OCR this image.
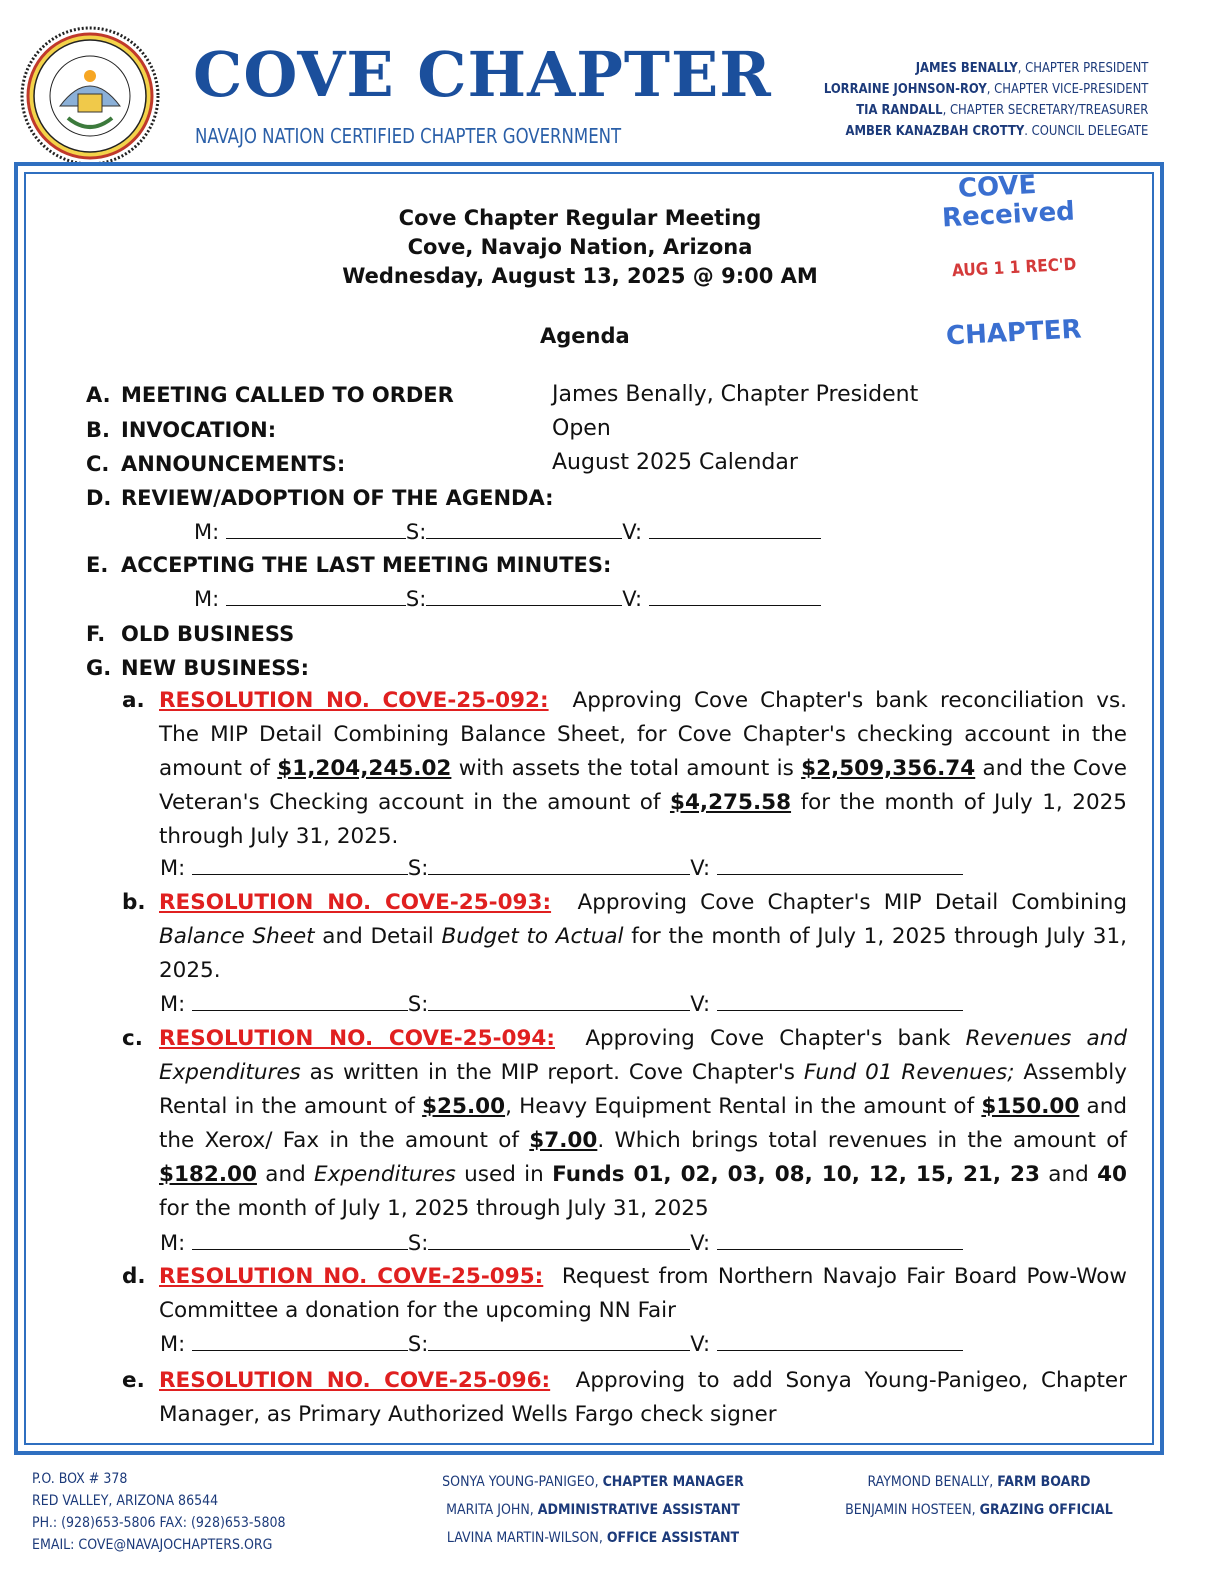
COVE CHAPTER
NAVAJO NATION CERTIFIED CHAPTER GOVERNMENT
JAMES BENALLY, CHAPTER PRESIDENT
LORRAINE JOHNSON-ROY, CHAPTER VICE-PRESIDENT
TIA RANDALL, CHAPTER SECRETARY/TREASURER
AMBER KANAZBAH CROTTY. COUNCIL DELEGATE
COVE
Received
AUG 1 1 REC'D
CHAPTER
Cove Chapter Regular Meeting
Cove, Navajo Nation, Arizona
Wednesday, August 13, 2025 @ 9:00 AM
Agenda
A. MEETING CALLED TO ORDER	James Benally, Chapter President
B. INVOCATION:	Open
C. ANNOUNCEMENTS:	August 2025 Calendar
D. REVIEW/ADOPTION OF THE AGENDA:
M:	S:	V:
E. ACCEPTING THE LAST MEETING MINUTES:
M:	S:	V:
F. OLD BUSINESS
G. NEW BUSINESS:
a. RESOLUTION NO. COVE-25-092: Approving Cove Chapter's bank reconciliation vs. The MIP Detail Combining Balance Sheet, for Cove Chapter's checking account in the amount of $1,204,245.02 with assets the total amount is $2,509,356.74 and the Cove Veteran's Checking account in the amount of $4,275.58 for the month of July 1, 2025 through July 31, 2025.
M:	S:	V:
b. RESOLUTION NO. COVE-25-093: Approving Cove Chapter's MIP Detail Combining Balance Sheet and Detail Budget to Actual for the month of July 1, 2025 through July 31, 2025.
M:	S:	V:
c. RESOLUTION NO. COVE-25-094: Approving Cove Chapter's bank Revenues and Expenditures as written in the MIP report. Cove Chapter's Fund 01 Revenues; Assembly Rental in the amount of $25.00, Heavy Equipment Rental in the amount of $150.00 and the Xerox/ Fax in the amount of $7.00. Which brings total revenues in the amount of $182.00 and Expenditures used in Funds 01, 02, 03, 08, 10, 12, 15, 21, 23 and 40 for the month of July 1, 2025 through July 31, 2025
M:	S:	V:
d. RESOLUTION NO. COVE-25-095: Request from Northern Navajo Fair Board Pow-Wow Committee a donation for the upcoming NN Fair
M:	S:	V:
e. RESOLUTION NO. COVE-25-096: Approving to add Sonya Young-Panigeo, Chapter Manager, as Primary Authorized Wells Fargo check signer
P.O. BOX # 378
RED VALLEY, ARIZONA 86544
PH.: (928)653-5806 FAX: (928)653-5808
EMAIL: COVE@NAVAJOCHAPTERS.ORG
SONYA YOUNG-PANIGEO, CHAPTER MANAGER
MARITA JOHN, ADMINISTRATIVE ASSISTANT
LAVINA MARTIN-WILSON, OFFICE ASSISTANT
RAYMOND BENALLY, FARM BOARD
BENJAMIN HOSTEEN, GRAZING OFFICIAL
